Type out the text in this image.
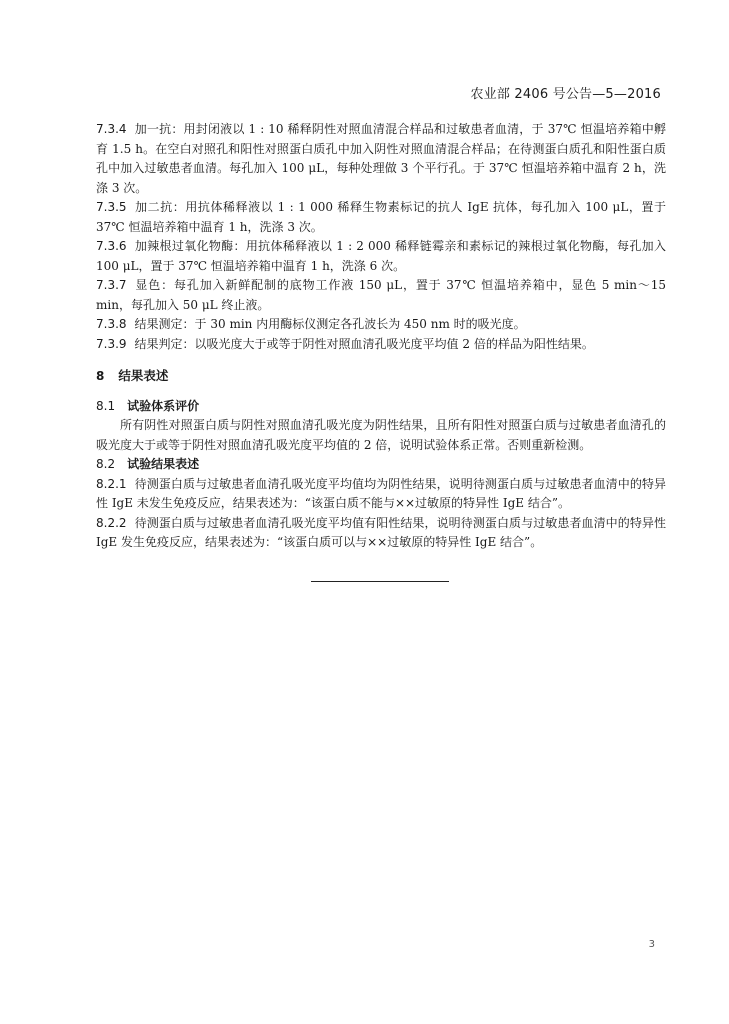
农业部 2406 号公告—5—2016

7.3.4 加一抗：用封闭液以 1 : 10 稀释阴性对照血清混合样品和过敏患者血清，于 37℃ 恒温培养箱中孵育 1.5 h。在空白对照孔和阳性对照蛋白质孔中加入阴性对照血清混合样品；在待测蛋白质孔和阳性蛋白质孔中加入过敏患者血清。每孔加入 100 μL，每种处理做 3 个平行孔。于 37℃ 恒温培养箱中温育 2 h，洗涤 3 次。

7.3.5 加二抗：用抗体稀释液以 1 : 1 000 稀释生物素标记的抗人 IgE 抗体，每孔加入 100 μL，置于 37℃ 恒温培养箱中温育 1 h，洗涤 3 次。

7.3.6 加辣根过氧化物酶：用抗体稀释液以 1 : 2 000 稀释链霉亲和素标记的辣根过氧化物酶，每孔加入 100 μL，置于 37℃ 恒温培养箱中温育 1 h，洗涤 6 次。

7.3.7 显色：每孔加入新鲜配制的底物工作液 150 μL，置于 37℃ 恒温培养箱中，显色 5 min～15 min，每孔加入 50 μL 终止液。

7.3.8 结果测定：于 30 min 内用酶标仪测定各孔波长为 450 nm 时的吸光度。

7.3.9 结果判定：以吸光度大于或等于阴性对照血清孔吸光度平均值 2 倍的样品为阳性结果。

8 结果表述
8.1 试验体系评价

所有阴性对照蛋白质与阴性对照血清孔吸光度为阴性结果，且所有阳性对照蛋白质与过敏患者血清孔的吸光度大于或等于阴性对照血清孔吸光度平均值的 2 倍，说明试验体系正常。否则重新检测。

8.2 试验结果表述

8.2.1 待测蛋白质与过敏患者血清孔吸光度平均值均为阴性结果，说明待测蛋白质与过敏患者血清中的特异性 IgE 未发生免疫反应，结果表述为：“该蛋白质不能与××过敏原的特异性 IgE 结合”。

8.2.2 待测蛋白质与过敏患者血清孔吸光度平均值有阳性结果，说明待测蛋白质与过敏患者血清中的特异性 IgE 发生免疫反应，结果表述为：“该蛋白质可以与××过敏原的特异性 IgE 结合”。

3
